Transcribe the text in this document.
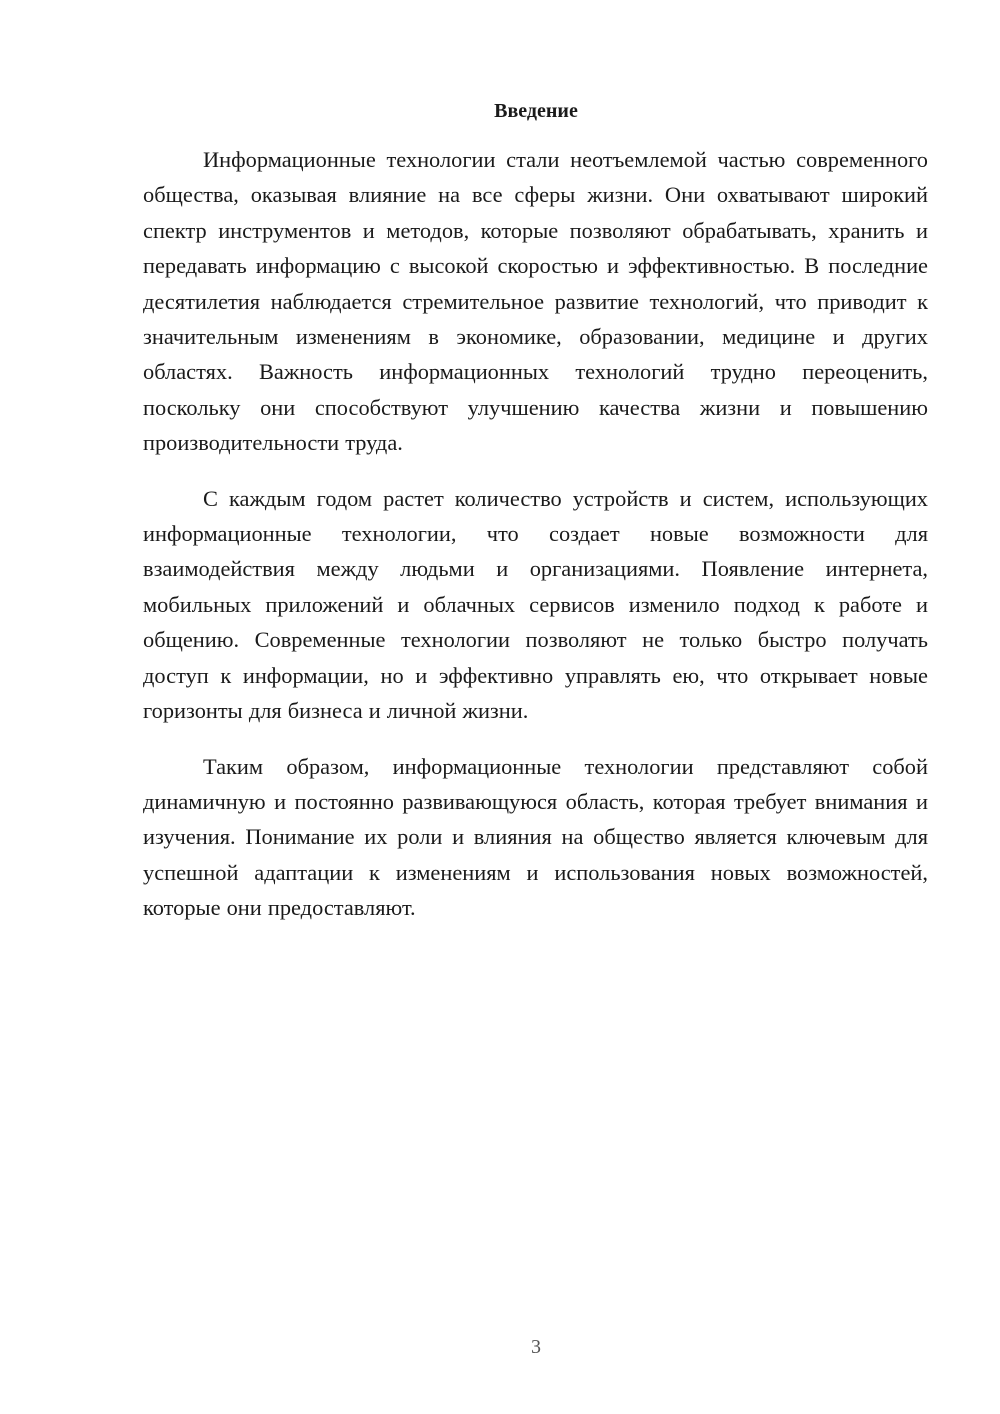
Введение

Информационные технологии стали неотъемлемой частью современного общества, оказывая влияние на все сферы жизни. Они охватывают широкий спектр инструментов и методов, которые позволяют обрабатывать, хранить и передавать информацию с высокой скоростью и эффективностью. В последние десятилетия наблюдается стремительное развитие технологий, что приводит к значительным изменениям в экономике, образовании, медицине и других областях. Важность информационных технологий трудно переоценить, поскольку они способствуют улучшению качества жизни и повышению производительности труда.

С каждым годом растет количество устройств и систем, использующих информационные технологии, что создает новые возможности для взаимодействия между людьми и организациями. Появление интернета, мобильных приложений и облачных сервисов изменило подход к работе и общению. Современные технологии позволяют не только быстро получать доступ к информации, но и эффективно управлять ею, что открывает новые горизонты для бизнеса и личной жизни.

Таким образом, информационные технологии представляют собой динамичную и постоянно развивающуюся область, которая требует внимания и изучения. Понимание их роли и влияния на общество является ключевым для успешной адаптации к изменениям и использования новых возможностей, которые они предоставляют.

3
